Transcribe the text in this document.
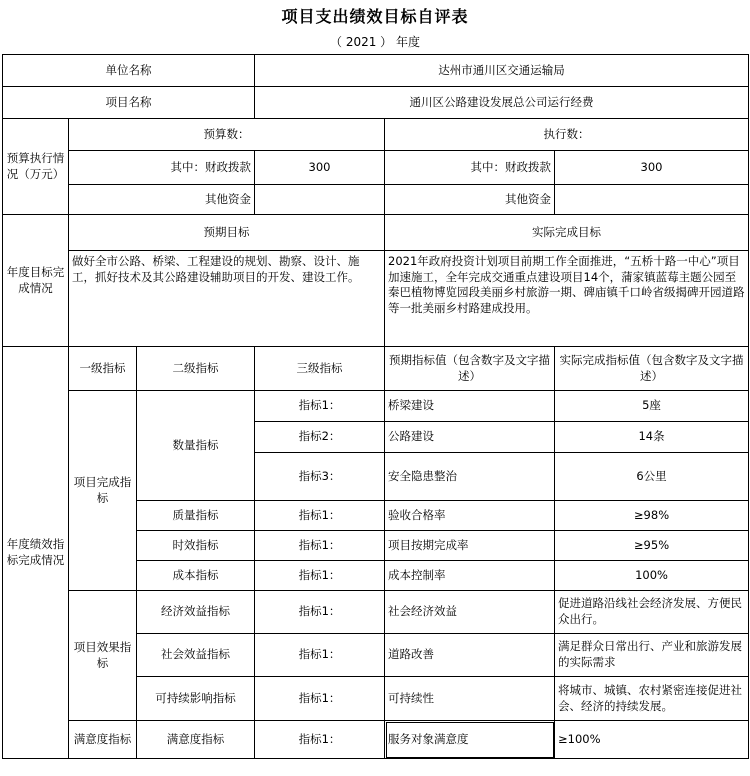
项目支出绩效目标自评表
（ 2021 ） 年度
单位名称			达州市通川区交通运输局		
项目名称			通川区公路建设发展总公司运行经费		
预算执行情况（万元）	预算数：			执行数：	
	其中：财政拨款		300	其中：财政拨款	300
	其他资金			其他资金	
年度目标完成情况	预期目标			实际完成目标	
	做好全市公路、桥梁、工程建设的规划、勘察、设计、施工，抓好技术及其公路建设辅助项目的开发、建设工作。			2021年政府投资计划项目前期工作全面推进，“五桥十路一中心”项目加速施工，全年完成交通重点建设项目14个，蒲家镇蓝莓主题公园至秦巴植物博览园段美丽乡村旅游一期、碑庙镇千口岭省级揭碑开园道路等一批美丽乡村路建成投用。	
年度绩效指标完成情况	一级指标	二级指标	三级指标	预期指标值（包含数字及文字描述）	实际完成指标值（包含数字及文字描述）
	项目完成指标	数量指标	指标1：	桥梁建设	5座
			指标2：	公路建设	14条
			指标3：	安全隐患整治	6公里
		质量指标	指标1：	验收合格率	≥98%
		时效指标	指标1：	项目按期完成率	≥95%
		成本指标	指标1：	成本控制率	100%
	项目效果指标	经济效益指标	指标1：	社会经济效益	促进道路沿线社会经济发展、方便民众出行。
		社会效益指标	指标1：	道路改善	满足群众日常出行、产业和旅游发展的实际需求
		可持续影响指标	指标1：	可持续性	将城市、城镇、农村紧密连接促进社会、经济的持续发展。
	满意度指标	满意度指标	指标1：	服务对象满意度	≥100%
